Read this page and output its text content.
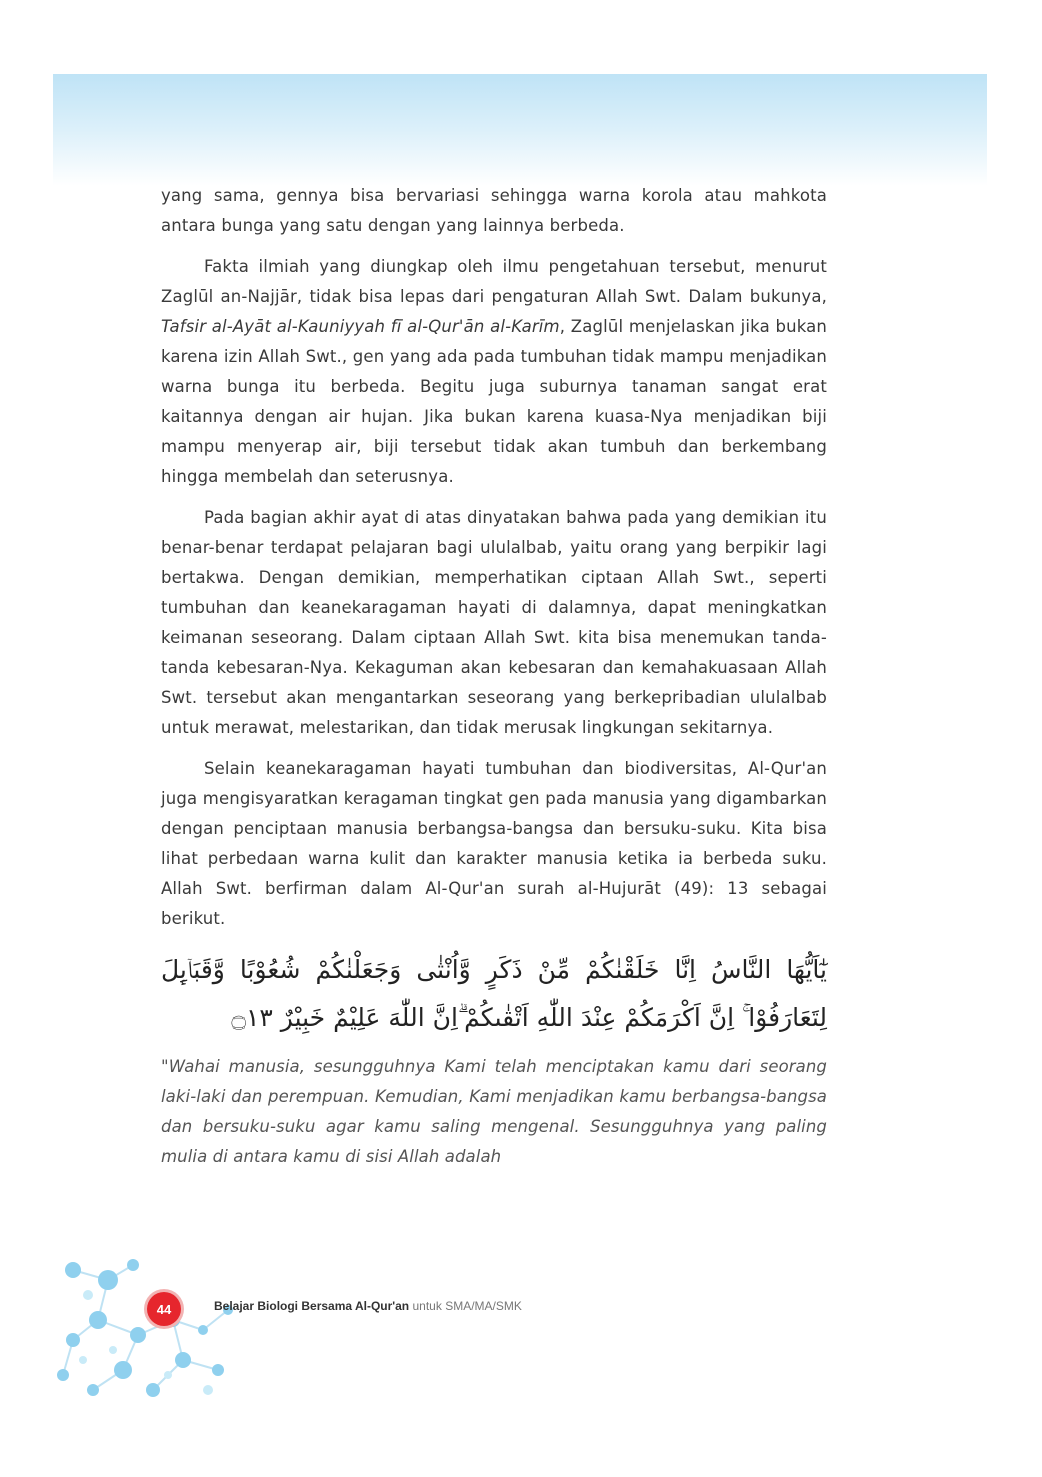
yang sama, gennya bisa bervariasi sehingga warna korola atau mahkota antara bunga yang satu dengan yang lainnya berbeda.

Fakta ilmiah yang diungkap oleh ilmu pengetahuan tersebut, menurut Zaglūl an-Najjār, tidak bisa lepas dari pengaturan Allah Swt. Dalam bukunya, Tafsir al-Ayāt al-Kauniyyah fī al-Qur'ān al-Karīm, Zaglūl menjelaskan jika bukan karena izin Allah Swt., gen yang ada pada tumbuhan tidak mampu menjadikan warna bunga itu berbeda. Begitu juga suburnya tanaman sangat erat kaitannya dengan air hujan. Jika bukan karena kuasa-Nya menjadikan biji mampu menyerap air, biji tersebut tidak akan tumbuh dan berkembang hingga membelah dan seterusnya.

Pada bagian akhir ayat di atas dinyatakan bahwa pada yang demikian itu benar-benar terdapat pelajaran bagi ululalbab, yaitu orang yang berpikir lagi bertakwa. Dengan demikian, memperhatikan ciptaan Allah Swt., seperti tumbuhan dan keanekaragaman hayati di dalamnya, dapat meningkatkan keimanan seseorang. Dalam ciptaan Allah Swt. kita bisa menemukan tanda-tanda kebesaran-Nya. Kekaguman akan kebesaran dan kemahakuasaan Allah Swt. tersebut akan mengantarkan seseorang yang berkepribadian ululalbab untuk merawat, melestarikan, dan tidak merusak lingkungan sekitarnya.

Selain keanekaragaman hayati tumbuhan dan biodiversitas, Al-Qur'an juga mengisyaratkan keragaman tingkat gen pada manusia yang digambarkan dengan penciptaan manusia berbangsa-bangsa dan bersuku-suku. Kita bisa lihat perbedaan warna kulit dan karakter manusia ketika ia berbeda suku. Allah Swt. berfirman dalam Al-Qur'an surah al-Hujurāt (49): 13 sebagai berikut.

يٰٓاَيُّهَا النَّاسُ اِنَّا خَلَقْنٰكُمْ مِّنْ ذَكَرٍ وَّاُنْثٰى وَجَعَلْنٰكُمْ شُعُوْبًا وَّقَبَاۤىِٕلَ لِتَعَارَفُوْا ۚ اِنَّ اَكْرَمَكُمْ عِنْدَ اللّٰهِ اَتْقٰىكُمْ ۗاِنَّ اللّٰهَ عَلِيْمٌ خَبِيْرٌ ۝١٣

"Wahai manusia, sesungguhnya Kami telah menciptakan kamu dari seorang laki-laki dan perempuan. Kemudian, Kami menjadikan kamu berbangsa-bangsa dan bersuku-suku agar kamu saling mengenal. Sesungguhnya yang paling mulia di antara kamu di sisi Allah adalah

44	Belajar Biologi Bersama Al-Qur'an untuk SMA/MA/SMK
